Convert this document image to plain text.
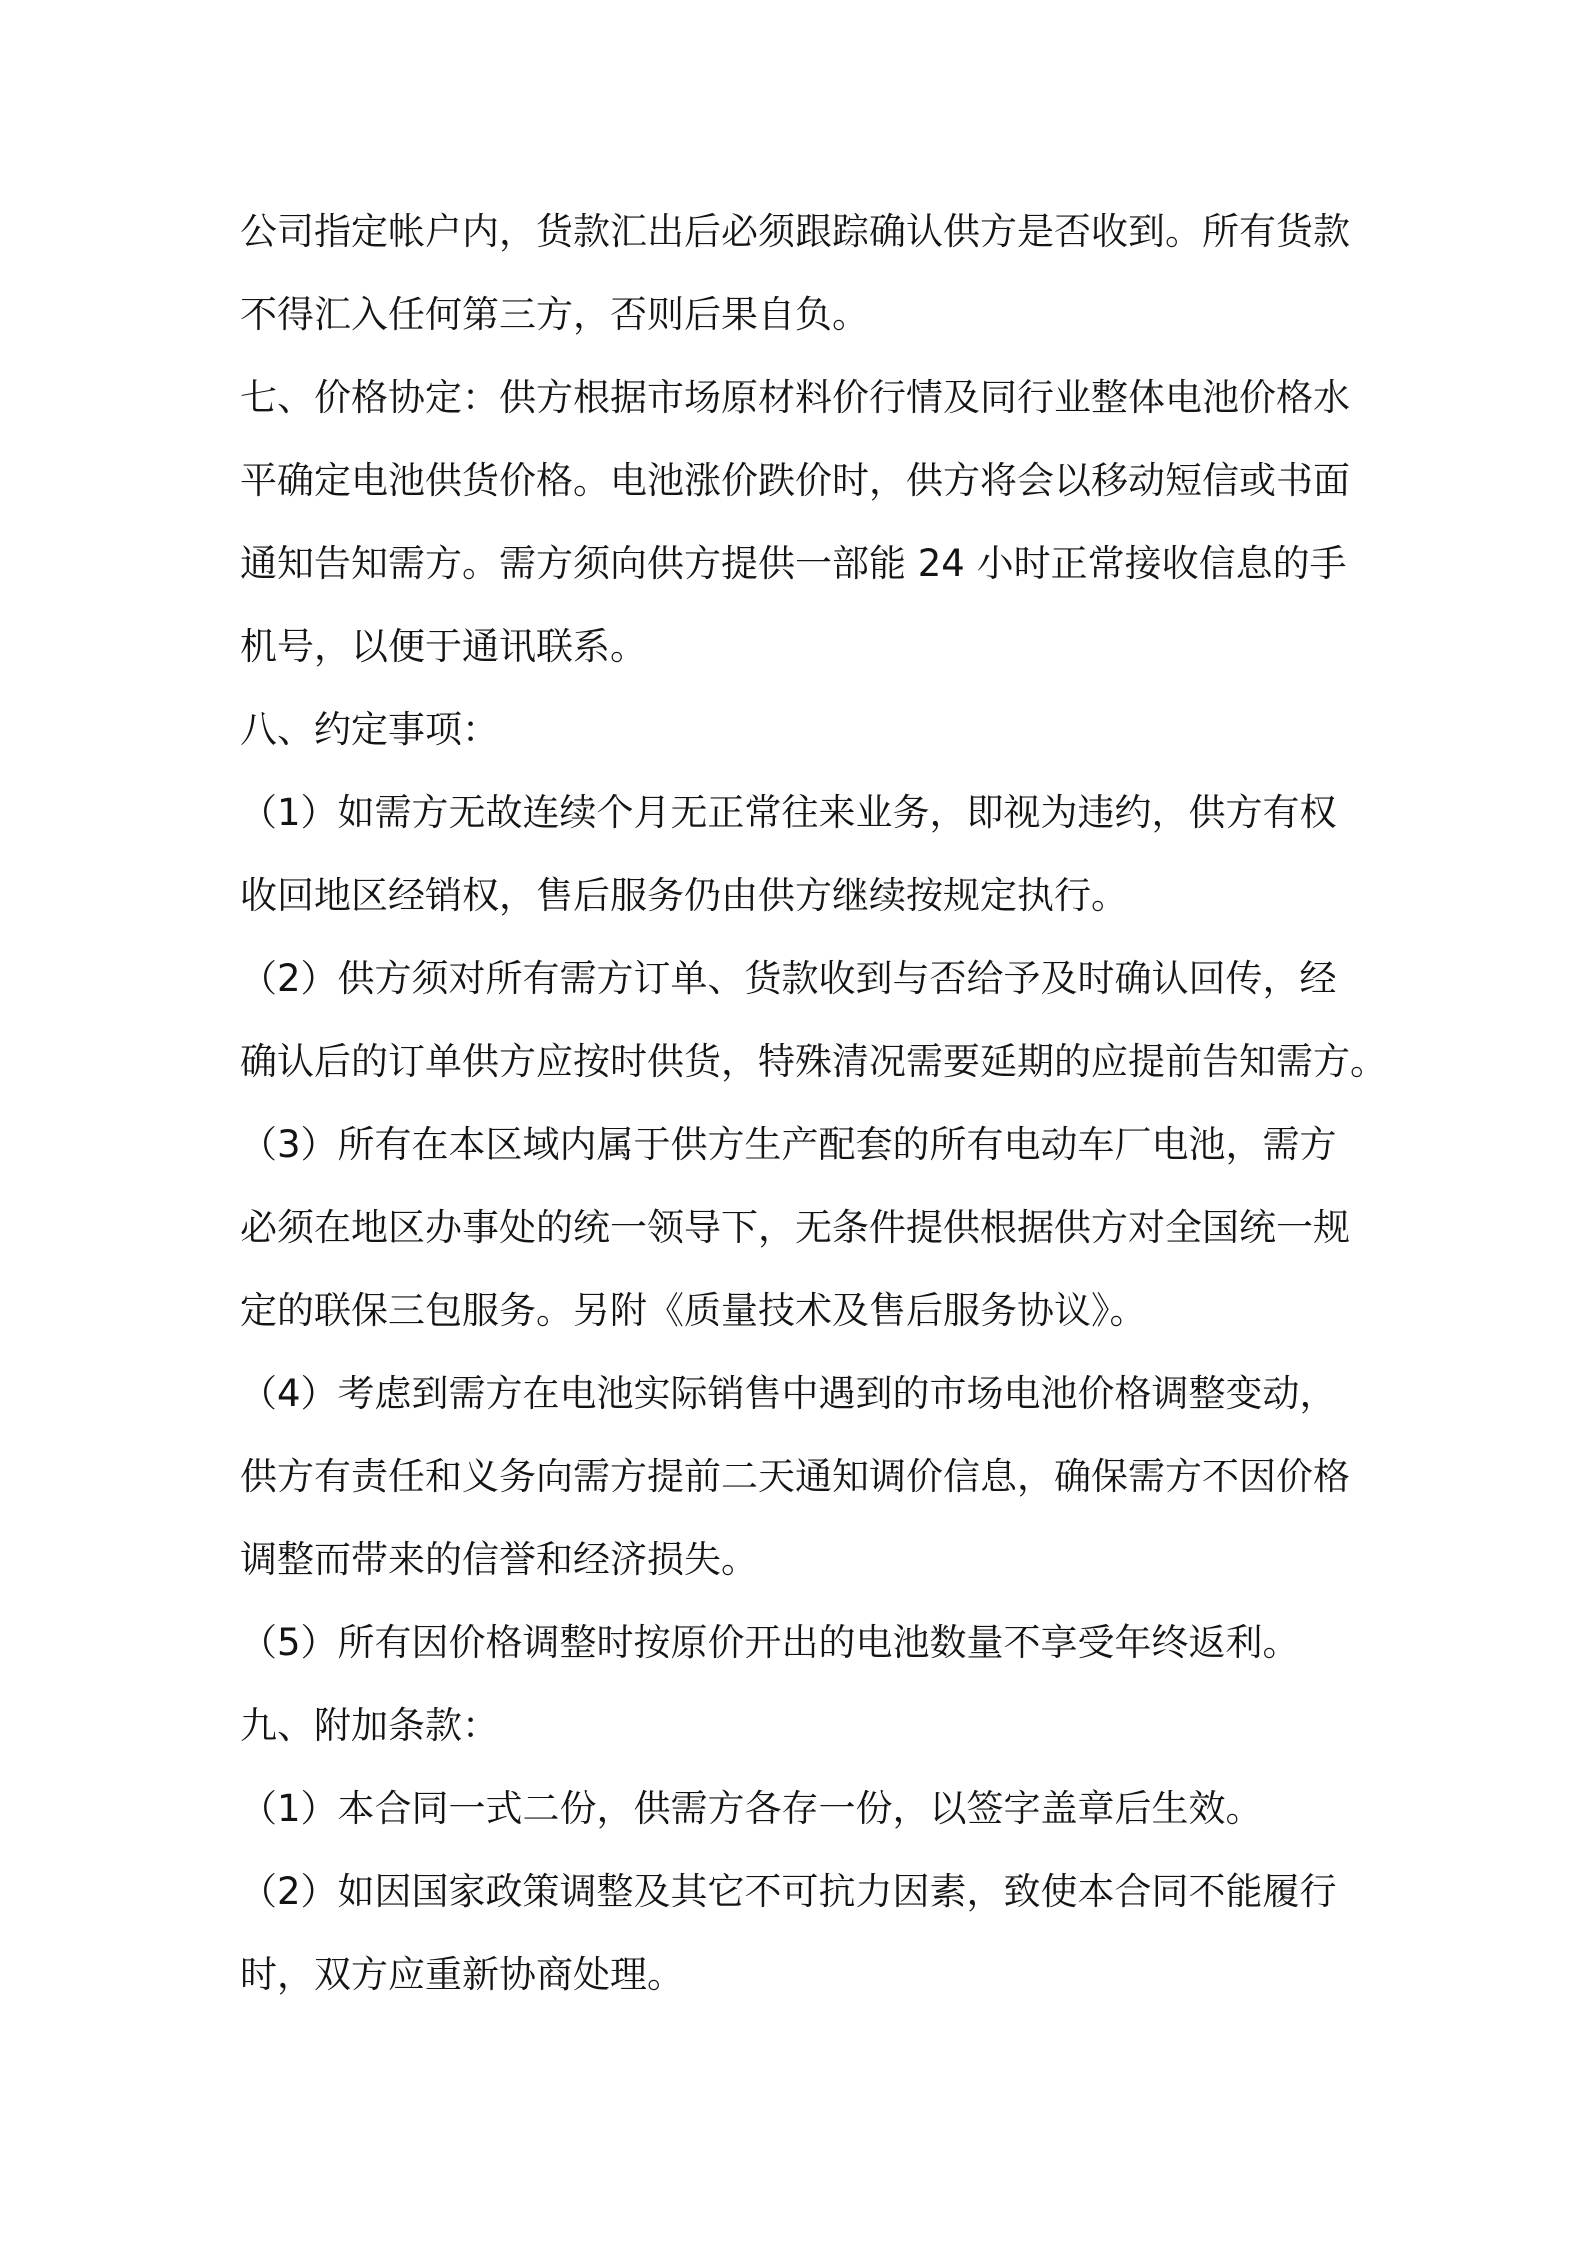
公司指定帐户内，货款汇出后必须跟踪确认供方是否收到。所有货款
不得汇入任何第三方，否则后果自负。
七、价格协定：供方根据市场原材料价行情及同行业整体电池价格水
平确定电池供货价格。电池涨价跌价时，供方将会以移动短信或书面
通知告知需方。需方须向供方提供一部能 24 小时正常接收信息的手
机号，以便于通讯联系。
八、约定事项：
（1）如需方无故连续个月无正常往来业务，即视为违约，供方有权
收回地区经销权，售后服务仍由供方继续按规定执行。
（2）供方须对所有需方订单、货款收到与否给予及时确认回传，经
确认后的订单供方应按时供货，特殊清况需要延期的应提前告知需方。
（3）所有在本区域内属于供方生产配套的所有电动车厂电池，需方
必须在地区办事处的统一领导下，无条件提供根据供方对全国统一规
定的联保三包服务。另附《质量技术及售后服务协议》。
（4）考虑到需方在电池实际销售中遇到的市场电池价格调整变动，
供方有责任和义务向需方提前二天通知调价信息，确保需方不因价格
调整而带来的信誉和经济损失。
（5）所有因价格调整时按原价开出的电池数量不享受年终返利。
九、附加条款：
（1）本合同一式二份，供需方各存一份，以签字盖章后生效。
（2）如因国家政策调整及其它不可抗力因素，致使本合同不能履行
时，双方应重新协商处理。
